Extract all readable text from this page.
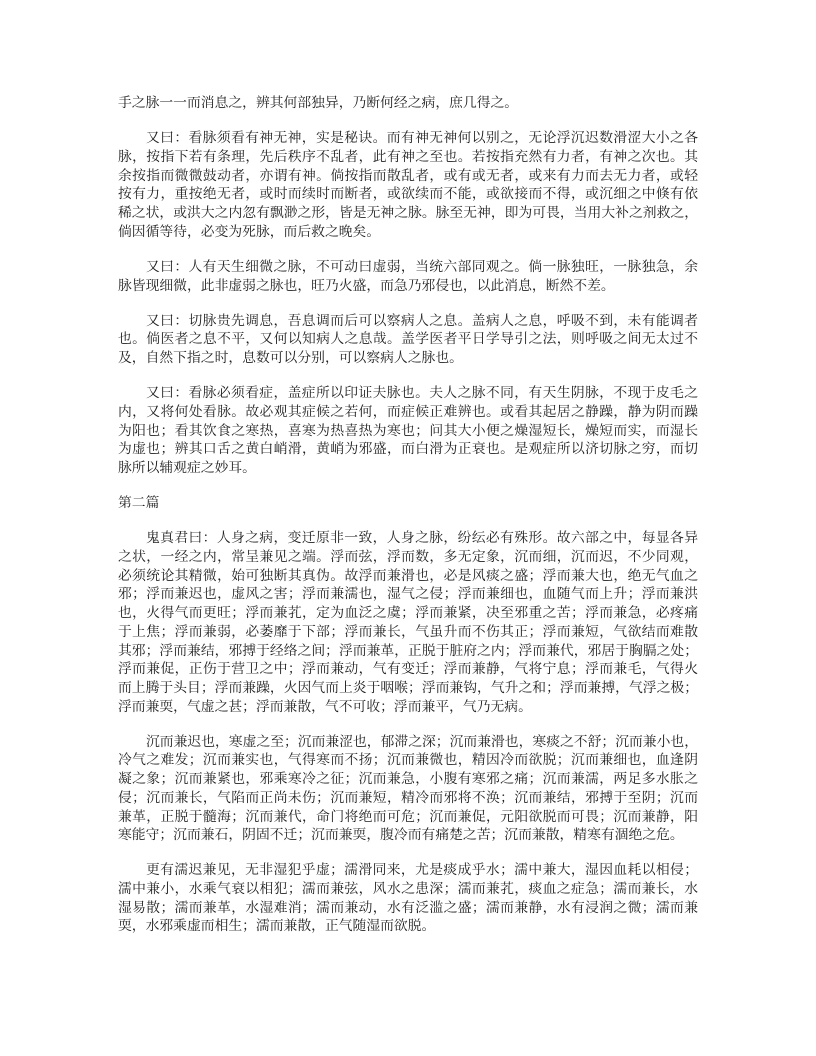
手之脉一一而消息之，辨其何部独异，乃断何经之病，庶几得之。
又曰：看脉须看有神无神，实是秘诀。而有神无神何以别之，无论浮沉迟数滑涩大小之各
脉，按指下若有条理，先后秩序不乱者，此有神之至也。若按指充然有力者，有神之次也。其
余按指而微微鼓动者，亦谓有神。倘按指而散乱者，或有或无者，或来有力而去无力者，或轻
按有力，重按绝无者，或时而续时而断者，或欲续而不能，或欲接而不得，或沉细之中倏有依
稀之状，或洪大之内忽有飘渺之形，皆是无神之脉。脉至无神，即为可畏，当用大补之剂救之，
倘因循等待，必变为死脉，而后救之晚矣。
又曰：人有天生细微之脉，不可动曰虚弱，当统六部同观之。倘一脉独旺，一脉独急，余
脉皆现细微，此非虚弱之脉也，旺乃火盛，而急乃邪侵也，以此消息，断然不差。
又曰：切脉贵先调息，吾息调而后可以察病人之息。盖病人之息，呼吸不到，未有能调者
也。倘医者之息不平，又何以知病人之息哉。盖学医者平日学导引之法，则呼吸之间无太过不
及，自然下指之时，息数可以分别，可以察病人之脉也。
又曰：看脉必须看症，盖症所以印证夫脉也。夫人之脉不同，有天生阴脉，不现于皮毛之
内，又将何处看脉。故必观其症候之若何，而症候正难辨也。或看其起居之静躁，静为阴而躁
为阳也；看其饮食之寒热，喜寒为热喜热为寒也；问其大小便之燥湿短长，燥短而实，而湿长
为虚也；辨其口舌之黄白峭滑，黄峭为邪盛，而白滑为正衰也。是观症所以济切脉之穷，而切
脉所以辅观症之妙耳。
第二篇
鬼真君曰：人身之病，变迁原非一致，人身之脉，纷纭必有殊形。故六部之中，每显各异
之状，一经之内，常呈兼见之端。浮而弦，浮而数，多无定象，沉而细，沉而迟，不少同观，
必须统论其精微，始可独断其真伪。故浮而兼滑也，必是风痰之盛；浮而兼大也，绝无气血之
邪；浮而兼迟也，虚风之害；浮而兼濡也，湿气之侵；浮而兼细也，血随气而上升；浮而兼洪
也，火得气而更旺；浮而兼芤，定为血泛之虞；浮而兼紧，决至邪重之苦；浮而兼急，必疼痛
于上焦；浮而兼弱，必萎靡于下部；浮而兼长，气虽升而不伤其正；浮而兼短，气欲结而难散
其邪；浮而兼结，邪搏于经络之间；浮而兼革，正脱于脏府之内；浮而兼代，邪居于胸膈之处；
浮而兼促，正伤于营卫之中；浮而兼动，气有变迁；浮而兼静，气将宁息；浮而兼毛，气得火
而上腾于头目；浮而兼躁，火因气而上炎于咽喉；浮而兼钩，气升之和；浮而兼搏，气浮之极；
浮而兼耎，气虚之甚；浮而兼散，气不可收；浮而兼平，气乃无病。
沉而兼迟也，寒虚之至；沉而兼涩也，郁滞之深；沉而兼滑也，寒痰之不舒；沉而兼小也，
冷气之难发；沉而兼实也，气得寒而不扬；沉而兼微也，精因冷而欲脱；沉而兼细也，血逢阴
凝之象；沉而兼紧也，邪乘寒冷之征；沉而兼急，小腹有寒邪之痛；沉而兼濡，两足多水胀之
侵；沉而兼长，气陷而正尚未伤；沉而兼短，精冷而邪将不涣；沉而兼结，邪搏于至阴；沉而
兼革，正脱于髓海；沉而兼代，命门将绝而可危；沉而兼促，元阳欲脱而可畏；沉而兼静，阳
寒能守；沉而兼石，阴固不迁；沉而兼耎，腹冷而有痛楚之苦；沉而兼散，精寒有涸绝之危。
更有濡迟兼见，无非湿犯乎虚；濡滑同来，尤是痰成乎水；濡中兼大，湿因血耗以相侵；
濡中兼小，水乘气衰以相犯；濡而兼弦，风水之患深；濡而兼芤，痰血之症急；濡而兼长，水
湿易散；濡而兼革，水湿难消；濡而兼动，水有泛滥之盛；濡而兼静，水有浸润之微；濡而兼
耎，水邪乘虚而相生；濡而兼散，正气随湿而欲脱。
